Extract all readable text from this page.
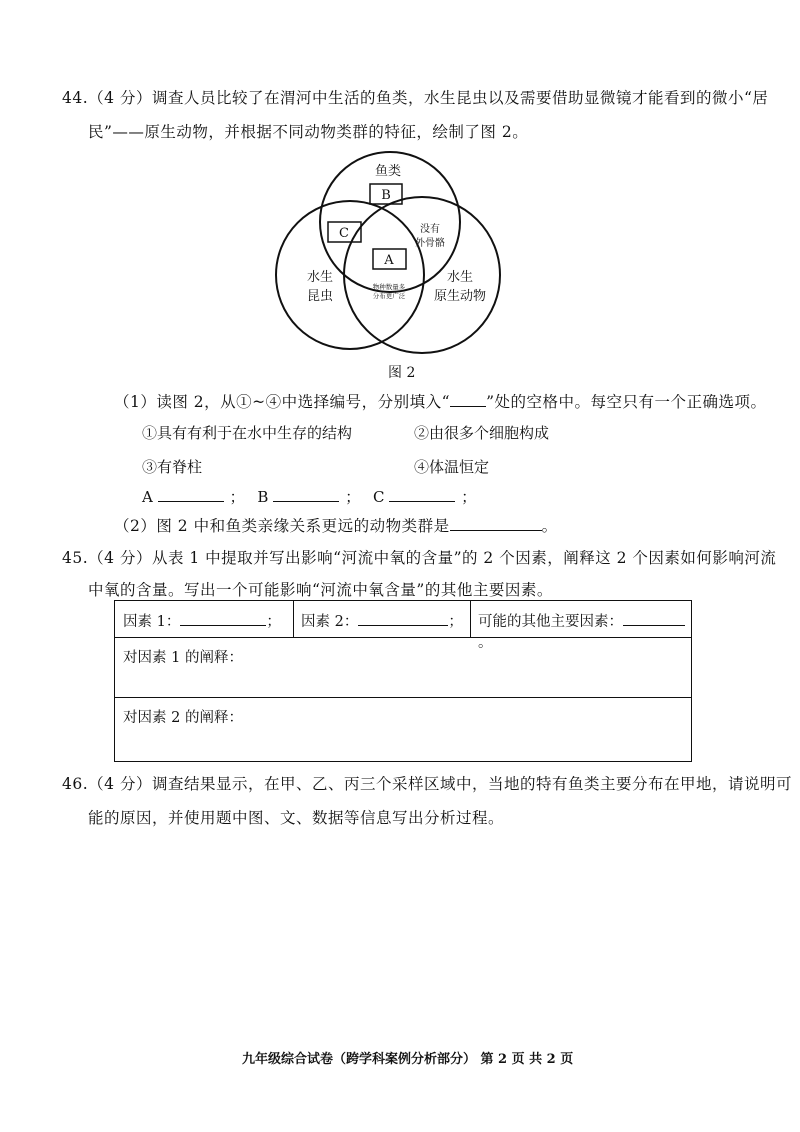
44.（4 分）调查人员比较了在渭河中生活的鱼类，水生昆虫以及需要借助显微镜才能看到的微小“居
民”——原生动物，并根据不同动物类群的特征，绘制了图 2。
鱼类
B
C	没有
外骨骼
A
物种数量多
分布更广泛
水生
昆虫
水生
原生动物
图 2
（1）读图 2，从①~④中选择编号，分别填入“ ”处的空格中。每空只有一个正确选项。
①具有有利于在水中生存的结构	②由很多个细胞构成
③有脊柱	④体温恒定
A	； B	； C	；
（2）图 2 中和鱼类亲缘关系更远的动物类群是	。
45.（4 分）从表 1 中提取并写出影响“河流中氧的含量”的 2 个因素，阐释这 2 个因素如何影响河流
中氧的含量。写出一个可能影响“河流中氧含量”的其他主要因素。
因素 1：	；	因素 2：	；	可能的其他主要因素：。
对因素 1 的阐释：
对因素 2 的阐释：
46.（4 分）调查结果显示，在甲、乙、丙三个采样区域中，当地的特有鱼类主要分布在甲地，请说明可
能的原因，并使用题中图、文、数据等信息写出分析过程。
九年级综合试卷（跨学科案例分析部分） 第 2 页 共 2 页
